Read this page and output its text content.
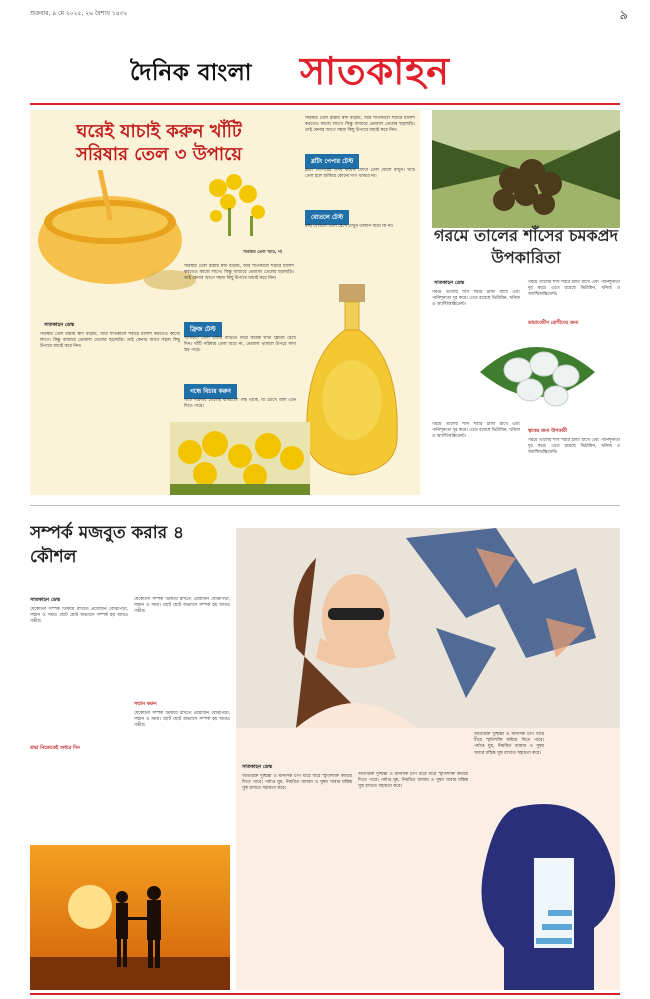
শুক্রবার, ৯ মে ২০২৫, ২৬ বৈশাখ ১৪৩২	৯
দৈনিক বাংলা সাতকাহন
ঘরেই যাচাই করুন খাঁটি সরিষার তেল ৩ উপায়ে
সরিষার তেল খাঁটি, না
সাতকাহন ডেস্ক
সরিষার তেল রান্নায় স্বাদ বাড়ায়, আর শীতকালে শরীরে মালিশ করতেও কাজে লাগে। কিন্তু বাজারে ভেজাল তেলের ছড়াছড়ি। তাই কেনার আগে সহজ কিছু উপায়ে যাচাই করে নিন।
সরিষার তেল রান্নায় স্বাদ বাড়ায়, আর শীতকালে শরীরে মালিশ করতেও কাজে লাগে। কিন্তু বাজারে ভেজাল তেলের ছড়াছড়ি। তাই কেনার আগে সহজ কিছু উপায়ে যাচাই করে নিন।
ফ্রিজ টেস্ট
খানিকটা তেল একটি বাটিতে নিয়ে কয়েক ঘণ্টা ফ্রিজে রেখে দিন। খাঁটি সরিষার তেল জমে না, ভেজাল থাকলে উপরে সাদা স্তর পড়ে।
গন্ধে বিচার করুন
খাঁটি সরিষার তেলের ঝাঁঝালো গন্ধ থাকে, যা চোখে জল এনে দিতে পারে।
সরিষার তেল রান্নায় স্বাদ বাড়ায়, আর শীতকালে শরীরে মালিশ করতেও কাজে লাগে। কিন্তু বাজারে ভেজাল তেলের ছড়াছড়ি। তাই কেনার আগে সহজ কিছু উপায়ে যাচাই করে নিন।
ব্লটিং পেপার টেস্ট
ব্লটিং পেপারের ওপর কয়েক ফোঁটা তেল ফেলে রাখুন। খাঁটি তেল হলে শুকিয়ে কোনো দাগ থাকবে না।
বোতলে টেস্ট
স্বচ্ছ বোতলে তেল রেখে দেখুন তলানি জমে কি না।	গরমে তালের শাঁসের চমকপ্রদ উপকারিতা
সাতকাহন ডেস্ক
গরমে তালের শাঁস শরীর ঠান্ডা রাখে এবং পানিশূন্যতা দূর করে। এতে রয়েছে ভিটামিন, খনিজ ও অ্যান্টিঅক্সিডেন্ট।
গরমে তালের শাঁস শরীর ঠান্ডা রাখে এবং পানিশূন্যতা দূর করে। এতে রয়েছে ভিটামিন, খনিজ ও অ্যান্টিঅক্সিডেন্ট।
ডায়াবেটিস রোগীদের জন্য
গরমে তালের শাঁস শরীর ঠান্ডা রাখে এবং পানিশূন্যতা দূর করে। এতে রয়েছে ভিটামিন, খনিজ ও অ্যান্টিঅক্সিডেন্ট।
ত্বকের জন্য উপকারী
গরমে তালের শাঁস শরীর ঠান্ডা রাখে এবং পানিশূন্যতা দূর করে। এতে রয়েছে ভিটামিন, খনিজ ও অ্যান্টিঅক্সিডেন্ট।
সম্পর্ক মজবুত করার ৪ কৌশল
সাতকাহন ডেস্ক
যেকোনো সম্পর্ক টিকিয়ে রাখতে প্রয়োজন বোঝাপড়া, সম্মান ও সময়। ছোট ছোট অভ্যাসে সম্পর্ক হয় আরও গভীর।
যেকোনো সম্পর্ক টিকিয়ে রাখতে প্রয়োজন বোঝাপড়া, সম্মান ও সময়। ছোট ছোট অভ্যাসে সম্পর্ক হয় আরও গভীর।
সম্মান করুন
যেকোনো সম্পর্ক টিকিয়ে রাখতে প্রয়োজন বোঝাপড়া, সম্মান ও সময়। ছোট ছোট অভ্যাসে সম্পর্ক হয় আরও গভীর।
শ্রদ্ধা নিজেকেই শুধরে দিন
সাতকাহন ডেস্ক
অতিরিক্ত দুশ্চিন্তা ও মানসিক চাপ ধীরে ধীরে স্মৃতিশক্তি কমিয়ে দিতে পারে। পর্যাপ্ত ঘুম, নিয়মিত ব্যায়াম ও সুষম খাবার মস্তিষ্ক সুস্থ রাখতে সহায়তা করে।
অতিরিক্ত দুশ্চিন্তা ও মানসিক চাপ ধীরে ধীরে স্মৃতিশক্তি কমিয়ে দিতে পারে। পর্যাপ্ত ঘুম, নিয়মিত ব্যায়াম ও সুষম খাবার মস্তিষ্ক সুস্থ রাখতে সহায়তা করে।
অতিরিক্ত দুশ্চিন্তা ও মানসিক চাপ ধীরে ধীরে স্মৃতিশক্তি কমিয়ে দিতে পারে। পর্যাপ্ত ঘুম, নিয়মিত ব্যায়াম ও সুষম খাবার মস্তিষ্ক সুস্থ রাখতে সহায়তা করে।
